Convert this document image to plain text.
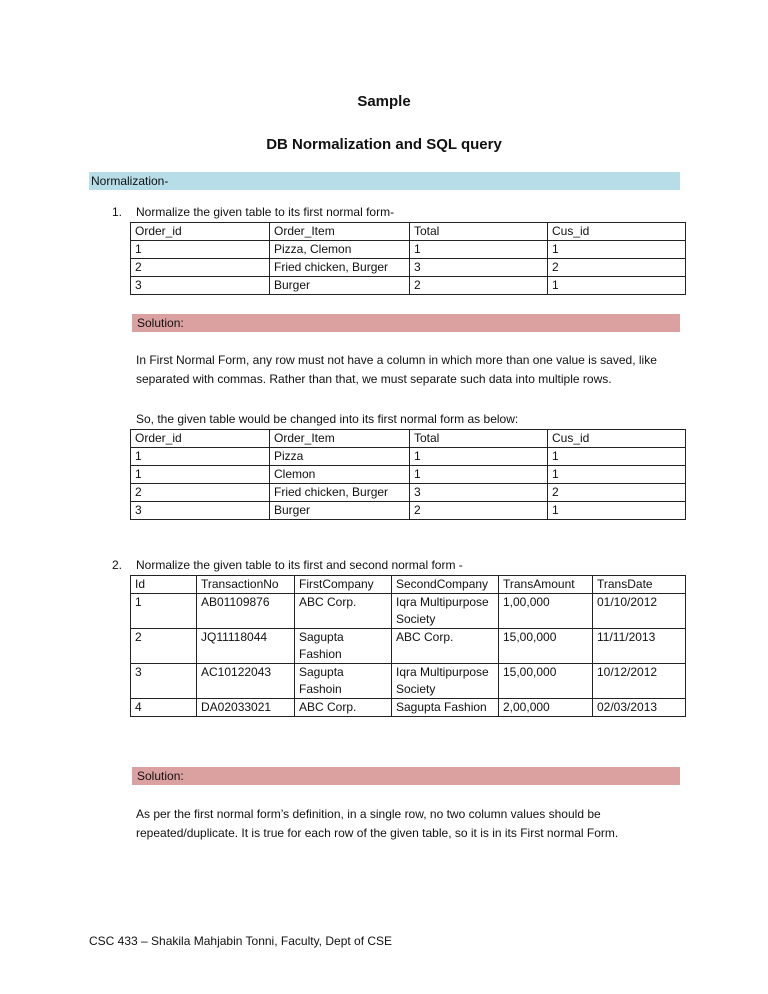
Sample
DB Normalization and SQL query
Normalization-
1. Normalize the given table to its first normal form-
Order_id	Order_Item	Total	Cus_id
1	Pizza, Clemon	1	1
2	Fried chicken, Burger	3	2
3	Burger	2	1
Solution:
In First Normal Form, any row must not have a column in which more than one value is saved, like separated with commas. Rather than that, we must separate such data into multiple rows.
So, the given table would be changed into its first normal form as below:
Order_id	Order_Item	Total	Cus_id
1	Pizza	1	1
1	Clemon	1	1
2	Fried chicken, Burger	3	2
3	Burger	2	1
2. Normalize the given table to its first and second normal form -
Id	TransactionNo	FirstCompany	SecondCompany	TransAmount	TransDate
1	AB01109876	ABC Corp.	Iqra Multipurpose Society	1,00,000	01/10/2012
2	JQ11118044	Sagupta Fashion	ABC Corp.	15,00,000	11/11/2013
3	AC10122043	Sagupta Fashoin	Iqra Multipurpose Society	15,00,000	10/12/2012
4	DA02033021	ABC Corp.	Sagupta Fashion	2,00,000	02/03/2013
Solution:
As per the first normal form’s definition, in a single row, no two column values should be repeated/duplicate. It is true for each row of the given table, so it is in its First normal Form.
CSC 433 – Shakila Mahjabin Tonni, Faculty, Dept of CSE
